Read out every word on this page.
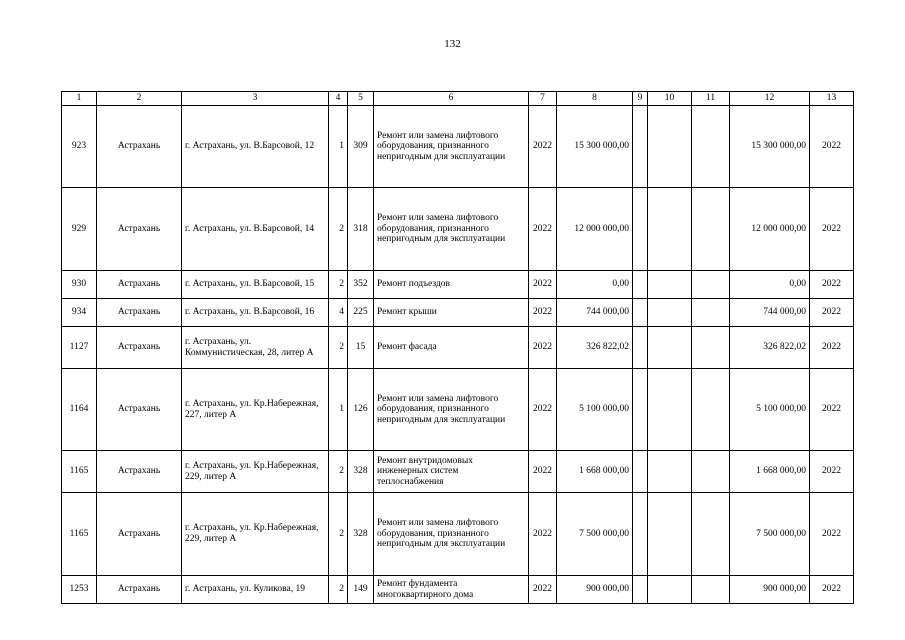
132
1	2	3	4	5	6	7	8	9	10	11	12	13
923	Астрахань	г. Астрахань, ул. В.Барсовой, 12	1	309	Ремонт или замена лифтового оборудования, признанного непригодным для эксплуатации	2022	15 300 000,00				15 300 000,00	2022
929	Астрахань	г. Астрахань, ул. В.Барсовой, 14	2	318	Ремонт или замена лифтового оборудования, признанного непригодным для эксплуатации	2022	12 000 000,00				12 000 000,00	2022
930	Астрахань	г. Астрахань, ул. В.Барсовой, 15	2	352	Ремонт подъездов	2022	0,00				0,00	2022
934	Астрахань	г. Астрахань, ул. В.Барсовой, 16	4	225	Ремонт крыши	2022	744 000,00				744 000,00	2022
1127	Астрахань	г. Астрахань, ул. Коммунистическая, 28, литер А	2	15	Ремонт фасада	2022	326 822,02				326 822,02	2022
1164	Астрахань	г. Астрахань, ул. Кр.Набережная, 227, литер А	1	126	Ремонт или замена лифтового оборудования, признанного непригодным для эксплуатации	2022	5 100 000,00				5 100 000,00	2022
1165	Астрахань	г. Астрахань, ул. Кр.Набережная, 229, литер А	2	328	Ремонт внутридомовых инженерных систем теплоснабжения	2022	1 668 000,00				1 668 000,00	2022
1165	Астрахань	г. Астрахань, ул. Кр.Набережная, 229, литер А	2	328	Ремонт или замена лифтового оборудования, признанного непригодным для эксплуатации	2022	7 500 000,00				7 500 000,00	2022
1253	Астрахань	г. Астрахань, ул. Куликова, 19	2	149	Ремонт фундамента многоквартирного дома	2022	900 000,00				900 000,00	2022
